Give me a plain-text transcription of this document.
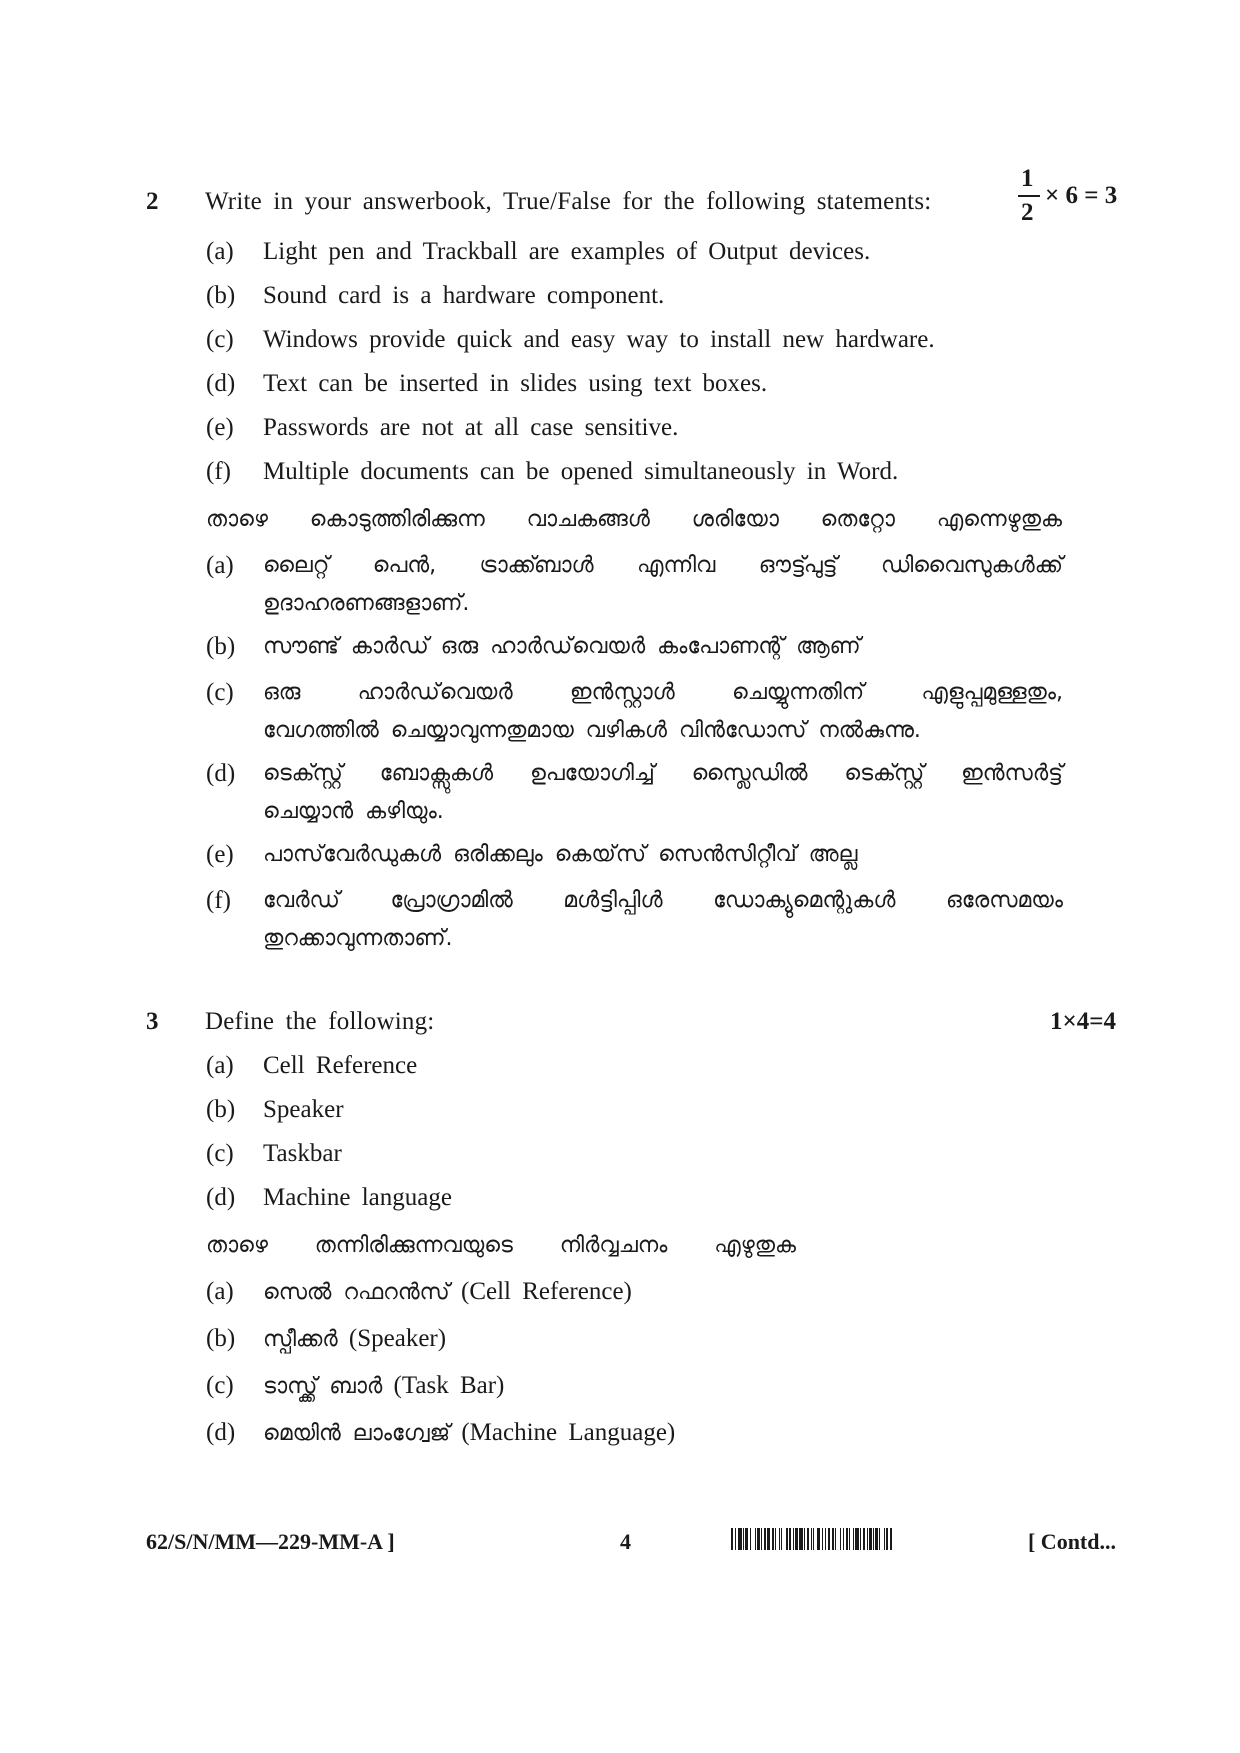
2 Write in your answerbook, True/False for the following statements:
1
2
× 6 = 3
(a)	Light pen and Trackball are examples of Output devices.
(b)	Sound card is a hardware component.
(c)	Windows provide quick and easy way to install new hardware.
(d)	Text can be inserted in slides using text boxes.
(e)	Passwords are not at all case sensitive.
(f)	Multiple documents can be opened simultaneously in Word.
താഴെ കൊടുത്തിരിക്കുന്ന വാചകങ്ങൾ ശരിയോ തെറ്റോ എന്നെഴുതുക
(a)	ലൈറ്റ് പെൻ, ട്രാക്ക്ബാൾ എന്നിവ ഔട്ട്പുട്ട് ഡിവൈസുകൾക്ക്
ഉദാഹരണങ്ങളാണ്.
(b)	സൗണ്ട് കാർഡ് ഒരു ഹാർഡ്‌വെയർ കംപോണന്റ് ആണ്
(c)	ഒരു ഹാർഡ്‌വെയർ ഇൻസ്റ്റാൾ ചെയ്യുന്നതിന് എളുപ്പമുള്ളതും,
വേഗത്തിൽ ചെയ്യാവുന്നതുമായ വഴികൾ വിൻഡോസ് നൽകുന്നു.
(d)	ടെക്സ്റ്റ് ബോക്സുകൾ ഉപയോഗിച്ച് സ്ലൈഡിൽ ടെക്സ്റ്റ് ഇൻസർട്ട്
ചെയ്യാൻ കഴിയും.
(e)	പാസ്‌വേർഡുകൾ ഒരിക്കലും കെയ്‌സ് സെൻസിറ്റീവ് അല്ല
(f)	വേർഡ് പ്രോഗ്രാമിൽ മൾട്ടിപ്പിൾ ഡോക്യുമെന്റുകൾ ഒരേസമയം
തുറക്കാവുന്നതാണ്.
3 Define the following:	1×4=4
(a)	Cell Reference
(b)	Speaker
(c)	Taskbar
(d)	Machine language
താഴെ തന്നിരിക്കുന്നവയുടെ നിർവ്വചനം എഴുതുക
(a)	സെൽ റഫറൻസ് (Cell Reference)
(b)	സ്പീക്കർ (Speaker)
(c)	ടാസ്ക്ക് ബാർ (Task Bar)
(d)	മെയിൻ ലാംഗ്വേജ് (Machine Language)
62/S/N/MM—229-MM-A ]	4	[ Contd...
